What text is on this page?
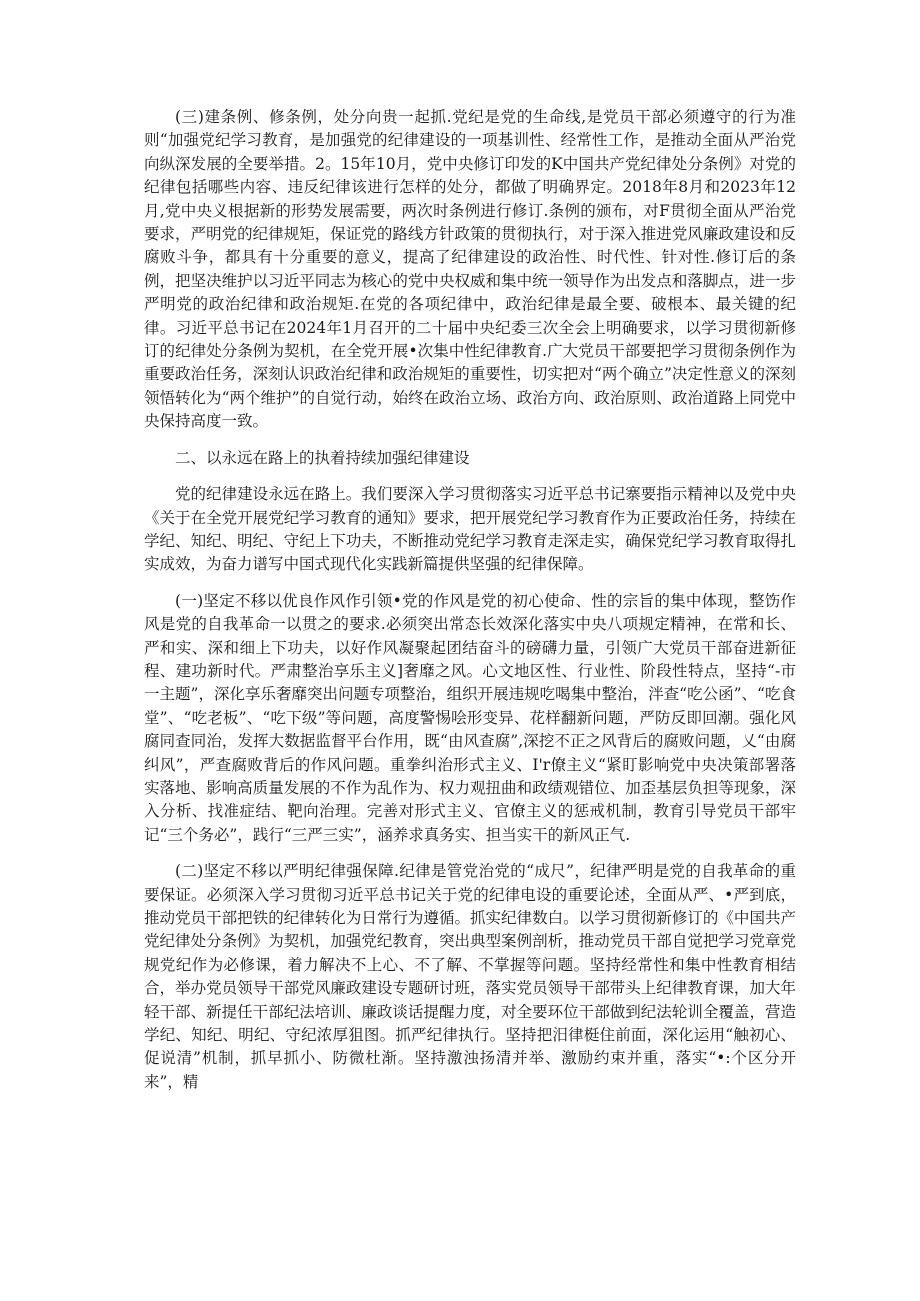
(三)建条例、修条例，处分向贵一起抓.党纪是党的生命线,是党员干部必须遵守的行为准则“加强党纪学习教育，是加强党的纪律建设的一项基训性、经常性工作，是推动全面从严治党向纵深发展的全要举措。2。15年10月，党中央修订印发的K中国共产党纪律处分条例》对党的纪律包括哪些内容、违反纪律该进行怎样的处分，都做了明确界定。2018年8月和2023年12月,党中央义根据新的形势发展需要，两次时条例进行修订.条例的颁布，对F贯彻全面从严治党要求，严明党的纪律规矩，保证党的路线方针政策的贯彻执行，对于深入推进党风廉政建设和反腐败斗争，都具有十分重要的意义，提高了纪律建设的政治性、时代性、针对性.修订后的条例，把坚决维护以习近平同志为核心的党中央权威和集中统一领导作为出发点和落脚点，进一步严明党的政治纪律和政治规矩.在党的各项纪律中，政治纪律是最全要、破根本、最关键的纪律。习近平总书记在2024年1月召开的二十届中央纪委三次全会上明确要求，以学习贯彻新修订的纪律处分条例为契机，在全党开展•次集中性纪律教育.广大党员干部要把学习贯彻条例作为重要政治任务，深刻认识政治纪律和政治规矩的重要性，切实把对“两个确立”决定性意义的深刻领悟转化为“两个维护”的自觉行动，始终在政治立场、政治方向、政治原则、政治道路上同党中央保持高度一致。

二、以永远在路上的执着持续加强纪律建设

党的纪律建设永远在路上。我们要深入学习贯彻落实习近平总书记寨要指示精神以及党中央《关于在全党开展党纪学习教育的通知》要求，把开展党纪学习教育作为正要政治任务，持续在学纪、知纪、明纪、守纪上下功夫，不断推动党纪学习教育走深走实，确保党纪学习教育取得扎实成效，为奋力谱写中国式现代化实践新篇提供坚强的纪律保障。

(一)坚定不移以优良作风作引领•党的作风是党的初心使命、性的宗旨的集中体现，整饬作风是党的自我革命一以贯之的要求.必须突出常态长效深化落实中央八项规定精神，在常和长、严和实、深和细上下功夫，以好作风凝聚起团结奋斗的磅礴力量，引领广大党员干部奋进新征程、建功新时代。严肃整治享乐主义]奢靡之风。心文地区性、行业性、阶段性特点，坚持“-市一主题”，深化享乐奢靡突出问题专项整治，组织开展违规吃喝集中整治，泮查“吃公函”、“吃食堂”、“吃老板”、“吃下级”等问题，高度警惕哙形变异、花样翻新问题，严防反即回潮。强化风腐同查同治，发挥大数据监督平台作用，既“由风查腐”,深挖不正之风背后的腐败问题，乂“由腐纠风”，严查腐败背后的作风问题。重拳纠治形式主义、I'r僚主义“紧盯影响党中央决策部署落实落地、影响高质量发展的不作为乱作为、权力观扭曲和政绩观错位、加歪基层负担等现象，深入分析、找准症结、靶向治理。完善对形式主义、官僚主义的惩戒机制，教育引导党员干部牢记“三个务必”，践行“三严三实”，涵养求真务实、担当实干的新风正气.

(二)坚定不移以严明纪律强保障.纪律是管党治党的“成尺”，纪律严明是党的自我革命的重要保证。必须深入学习贯彻习近平总书记关于党的纪律电设的重要论述，全面从严、•严到底，推动党员干部把铁的纪律转化为日常行为遵循。抓实纪律数白。以学习贯彻新修订的《中国共产党纪律处分条例》为契机，加强党纪教育，突出典型案例剖析，推动党员干部自觉把学习党章党规党纪作为必修课，着力解决不上心、不了解、不掌握等问题。坚持经常性和集中性教育相结合，举办党员领导干部党风廉政建设专题研讨班，落实党员领导干部带头上纪律教育课，加大年轻干部、新提任干部纪法培训、廉政谈话提醒力度，对全要环位干部做到纪法轮训全覆盖，营造学纪、知纪、明纪、守纪浓厚狙图。抓严纪律执行。坚持把汨律梃住前面，深化运用“触初心、促说清”机制，抓早抓小、防微杜渐。坚持激浊扬清并举、激励约束并重，落实“•:个区分开来”，精
